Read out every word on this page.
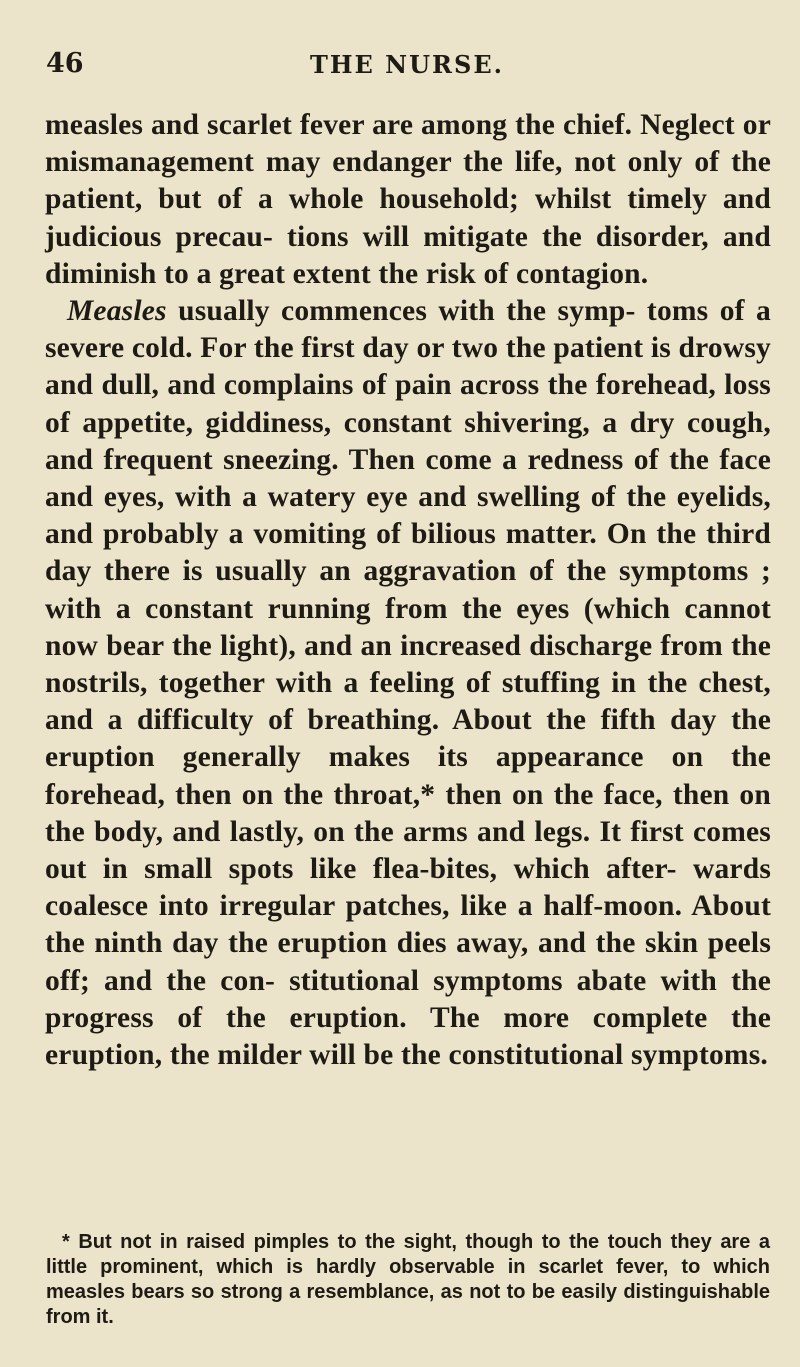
46	THE NURSE.

measles and scarlet fever are among the chief. Neglect or mismanagement may endanger the life, not only of the patient, but of a whole household; whilst timely and judicious precau- tions will mitigate the disorder, and diminish to a great extent the risk of contagion.

Measles usually commences with the symp- toms of a severe cold. For the first day or two the patient is drowsy and dull, and complains of pain across the forehead, loss of appetite, giddiness, constant shivering, a dry cough, and frequent sneezing. Then come a redness of the face and eyes, with a watery eye and swelling of the eyelids, and probably a vomiting of bilious matter. On the third day there is usually an aggravation of the symptoms ; with a constant running from the eyes (which cannot now bear the light), and an increased discharge from the nostrils, together with a feeling of stuffing in the chest, and a difficulty of breathing. About the fifth day the eruption generally makes its appearance on the forehead, then on the throat,* then on the face, then on the body, and lastly, on the arms and legs. It first comes out in small spots like flea-bites, which after- wards coalesce into irregular patches, like a half-moon. About the ninth day the eruption dies away, and the skin peels off; and the con- stitutional symptoms abate with the progress of the eruption. The more complete the eruption, the milder will be the constitutional symptoms.

* But not in raised pimples to the sight, though to the touch they are a little prominent, which is hardly observable in scarlet fever, to which measles bears so strong a resemblance, as not to be easily distinguishable from it.
